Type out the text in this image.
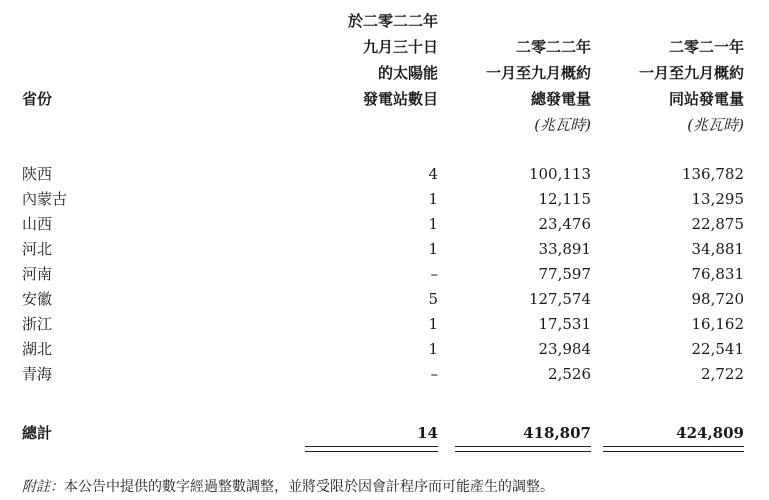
省份
於二零二二年
九月三十日
的太陽能
發電站數目
二零二二年
一月至九月概約
總發電量
(兆瓦時)
二零二一年
一月至九月概約
同站發電量
(兆瓦時)
陝西	4	100,113	136,782
內蒙古	1	12,115	13,295
山西	1	23,476	22,875
河北	1	33,891	34,881
河南	–	77,597	76,831
安徽	5	127,574	98,720
浙江	1	17,531	16,162
湖北	1	23,984	22,541
青海	–	2,526	2,722
總計	14	418,807	424,809
附註：本公告中提供的數字經過整數調整，並將受限於因會計程序而可能產生的調整。
